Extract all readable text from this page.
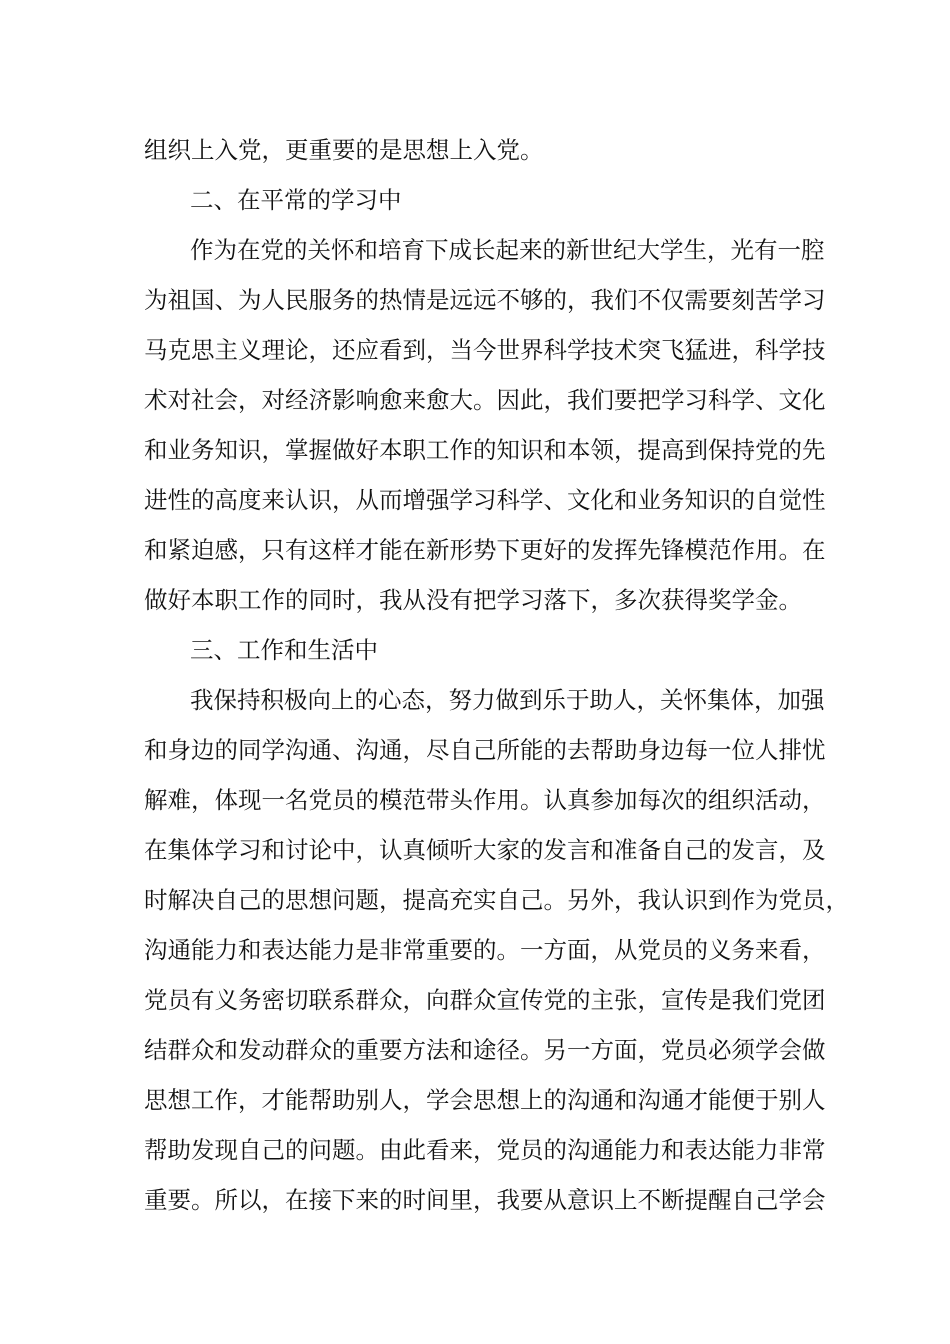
组织上入党，更重要的是思想上入党。
二、在平常的学习中
作为在党的关怀和培育下成长起来的新世纪大学生，光有一腔
为祖国、为人民服务的热情是远远不够的，我们不仅需要刻苦学习
马克思主义理论，还应看到，当今世界科学技术突飞猛进，科学技
术对社会，对经济影响愈来愈大。因此，我们要把学习科学、文化
和业务知识，掌握做好本职工作的知识和本领，提高到保持党的先
进性的高度来认识，从而增强学习科学、文化和业务知识的自觉性
和紧迫感，只有这样才能在新形势下更好的发挥先锋模范作用。在
做好本职工作的同时，我从没有把学习落下，多次获得奖学金。
三、工作和生活中
我保持积极向上的心态，努力做到乐于助人，关怀集体，加强
和身边的同学沟通、沟通，尽自己所能的去帮助身边每一位人排忧
解难，体现一名党员的模范带头作用。认真参加每次的组织活动，
在集体学习和讨论中，认真倾听大家的发言和准备自己的发言，及
时解决自己的思想问题，提高充实自己。另外，我认识到作为党员，
沟通能力和表达能力是非常重要的。一方面，从党员的义务来看，
党员有义务密切联系群众，向群众宣传党的主张，宣传是我们党团
结群众和发动群众的重要方法和途径。另一方面，党员必须学会做
思想工作，才能帮助别人，学会思想上的沟通和沟通才能便于别人
帮助发现自己的问题。由此看来，党员的沟通能力和表达能力非常
重要。所以，在接下来的时间里，我要从意识上不断提醒自己学会
